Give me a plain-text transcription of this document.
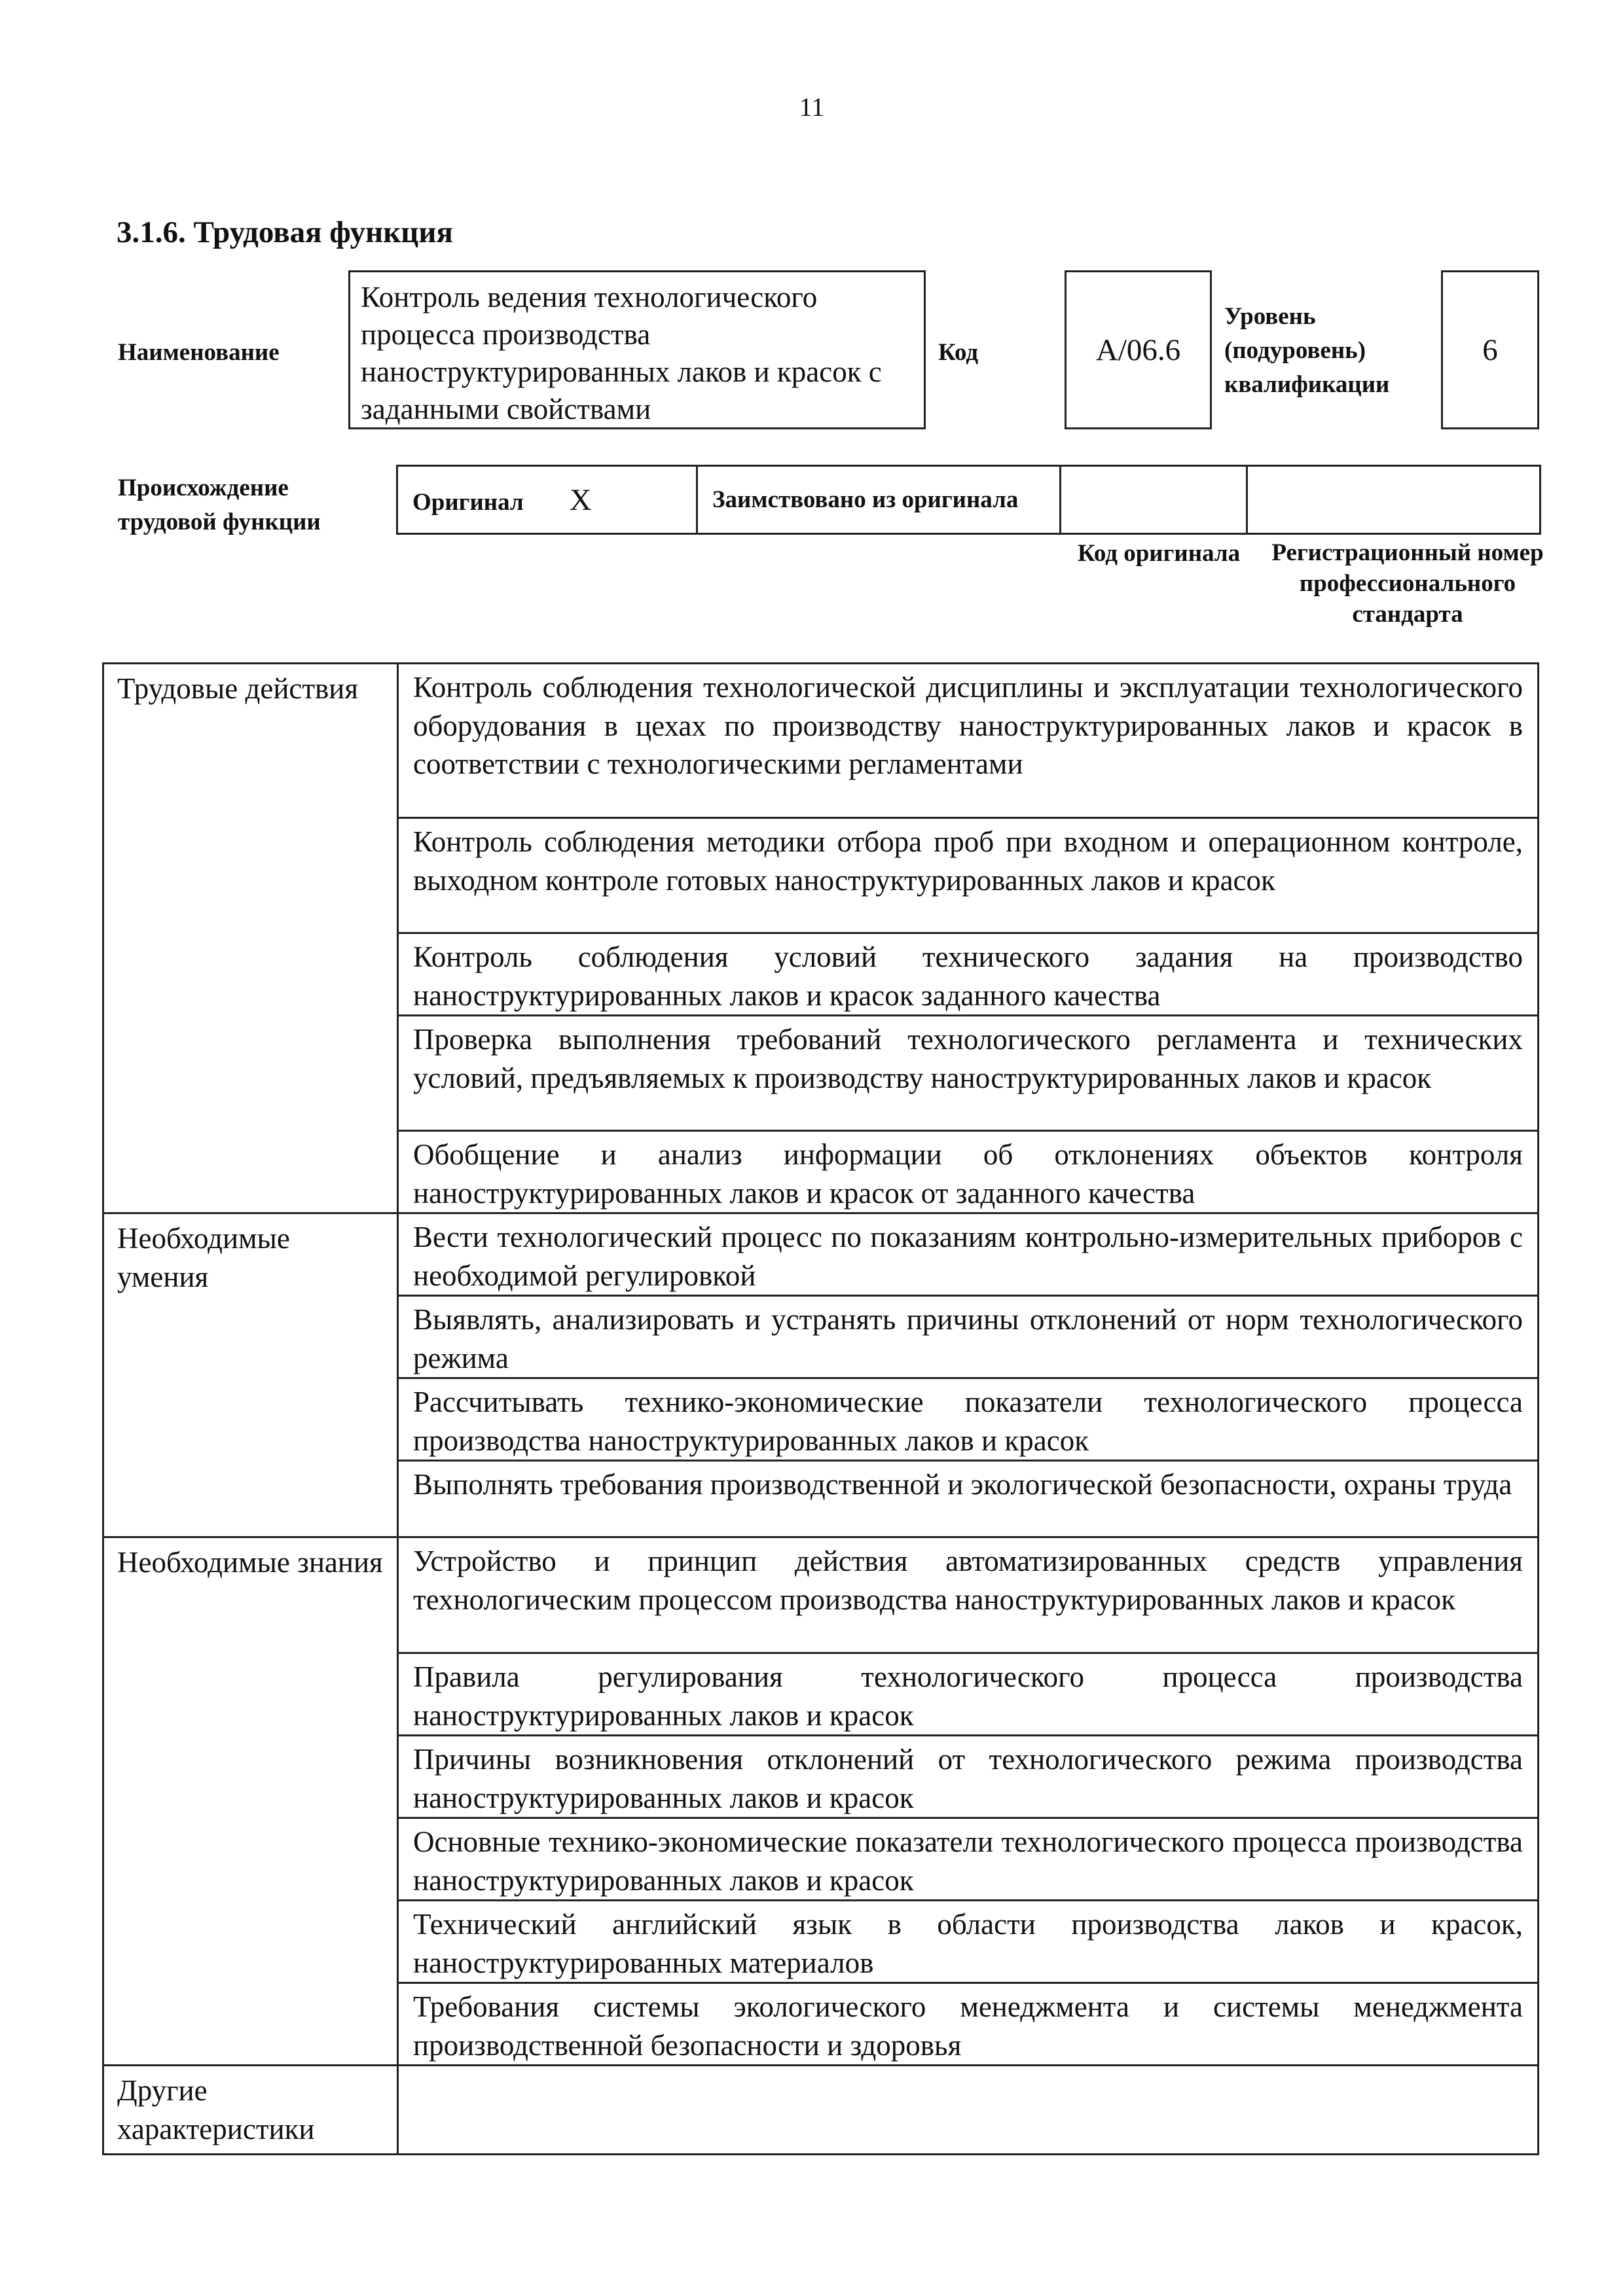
11
3.1.6. Трудовая функция
Наименование
Контроль ведения технологического процесса производства наноструктурированных лаков и красок с заданными свойствами
Код	А/06.6
Уровень
(подуровень)
квалификации
6
Происхождение
трудовой функции
Оригинал X	Заимствовано из оригинала		
Код оригинала	Регистрационный номер профессионального стандарта
Трудовые действия	Контроль соблюдения технологической дисциплины и эксплуатации технологического оборудования в цехах по производству наноструктурированных лаков и красок в соответствии с технологическими регламентами
	Контроль соблюдения методики отбора проб при входном и операционном контроле, выходном контроле готовых наноструктурированных лаков и красок
	Контроль соблюдения условий технического задания на производство наноструктурированных лаков и красок заданного качества
	Проверка выполнения требований технологического регламента и технических условий, предъявляемых к производству наноструктурированных лаков и красок
	Обобщение и анализ информации об отклонениях объектов контроля наноструктурированных лаков и красок от заданного качества
Необходимые умения	Вести технологический процесс по показаниям контрольно-измерительных приборов с необходимой регулировкой
	Выявлять, анализировать и устранять причины отклонений от норм технологического режима
	Рассчитывать технико-экономические показатели технологического процесса производства наноструктурированных лаков и красок
	Выполнять требования производственной и экологической безопасности, охраны труда
Необходимые знания	Устройство и принцип действия автоматизированных средств управления технологическим процессом производства наноструктурированных лаков и красок
	Правила регулирования технологического процесса производства наноструктурированных лаков и красок
	Причины возникновения отклонений от технологического режима производства наноструктурированных лаков и красок
	Основные технико-экономические показатели технологического процесса производства наноструктурированных лаков и красок
	Технический английский язык в области производства лаков и красок, наноструктурированных материалов
	Требования системы экологического менеджмента и системы менеджмента производственной безопасности и здоровья
Другие характеристики	
